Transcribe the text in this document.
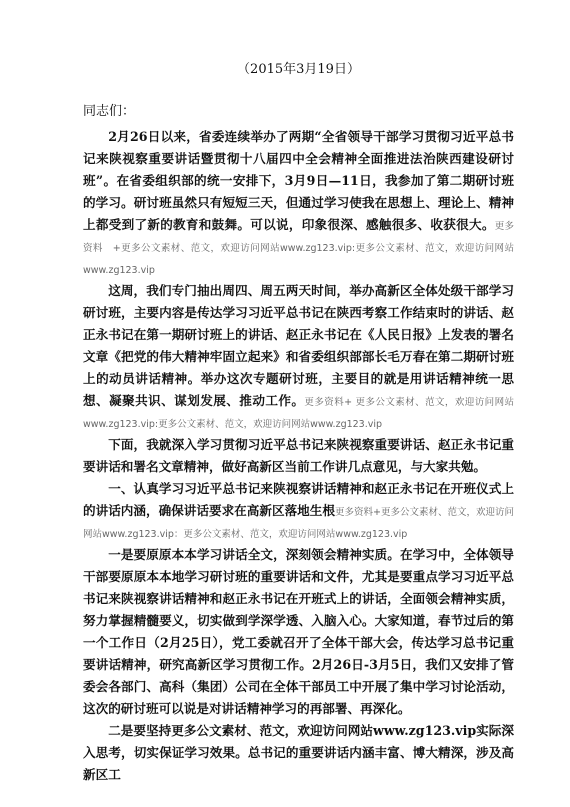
（2015年3月19日）
同志们：

2月26日以来，省委连续举办了两期“全省领导干部学习贯彻习近平总书记来陕视察重要讲话暨贯彻十八届四中全会精神全面推进法治陕西建设研讨班”。在省委组织部的统一安排下，3月9日—11日，我参加了第二期研讨班的学习。研讨班虽然只有短短三天，但通过学习使我在思想上、理论上、精神上都受到了新的教育和鼓舞。可以说，印象很深、感触很多、收获很大。更多资料　+更多公文素材、范文，欢迎访问网站www.zg123.vip:更多公文素材、范文，欢迎访问网站www.zg123.vip

这周，我们专门抽出周四、周五两天时间，举办高新区全体处级干部学习研讨班，主要内容是传达学习习近平总书记在陕西考察工作结束时的讲话、赵正永书记在第一期研讨班上的讲话、赵正永书记在《人民日报》上发表的署名文章《把党的伟大精神牢固立起来》和省委组织部部长毛万春在第二期研讨班上的动员讲话精神。举办这次专题研讨班，主要目的就是用讲话精神统一思想、凝聚共识、谋划发展、推动工作。更多资料+ 更多公文素材、范文，欢迎访问网站www.zg123.vip:更多公文素材、范文，欢迎访问网站www.zg123.vip

下面，我就深入学习贯彻习近平总书记来陕视察重要讲话、赵正永书记重要讲话和署名文章精神，做好高新区当前工作讲几点意见，与大家共勉。

一、认真学习习近平总书记来陕视察讲话精神和赵正永书记在开班仪式上的讲话内涵，确保讲话要求在高新区落地生根更多资料+更多公文素材、范文，欢迎访问网站www.zg123.vip：更多公文素材、范文，欢迎访问网站www.zg123.vip

一是要原原本本学习讲话全文，深刻领会精神实质。在学习中，全体领导干部要原原本本地学习研讨班的重要讲话和文件，尤其是要重点学习习近平总书记来陕视察讲话精神和赵正永书记在开班式上的讲话，全面领会精神实质，努力掌握精髓要义，切实做到学深学透、入脑入心。大家知道，春节过后的第一个工作日（2月25日），党工委就召开了全体干部大会，传达学习总书记重要讲话精神，研究高新区学习贯彻工作。2月26日-3月5日，我们又安排了管委会各部门、高科（集团）公司在全体干部员工中开展了集中学习讨论活动，这次的研讨班可以说是对讲话精神学习的再部署、再深化。

二是要坚持更多公文素材、范文，欢迎访问网站www.zg123.vip实际深入思考，切实保证学习效果。总书记的重要讲话内涵丰富、博大精深，涉及高新区工
